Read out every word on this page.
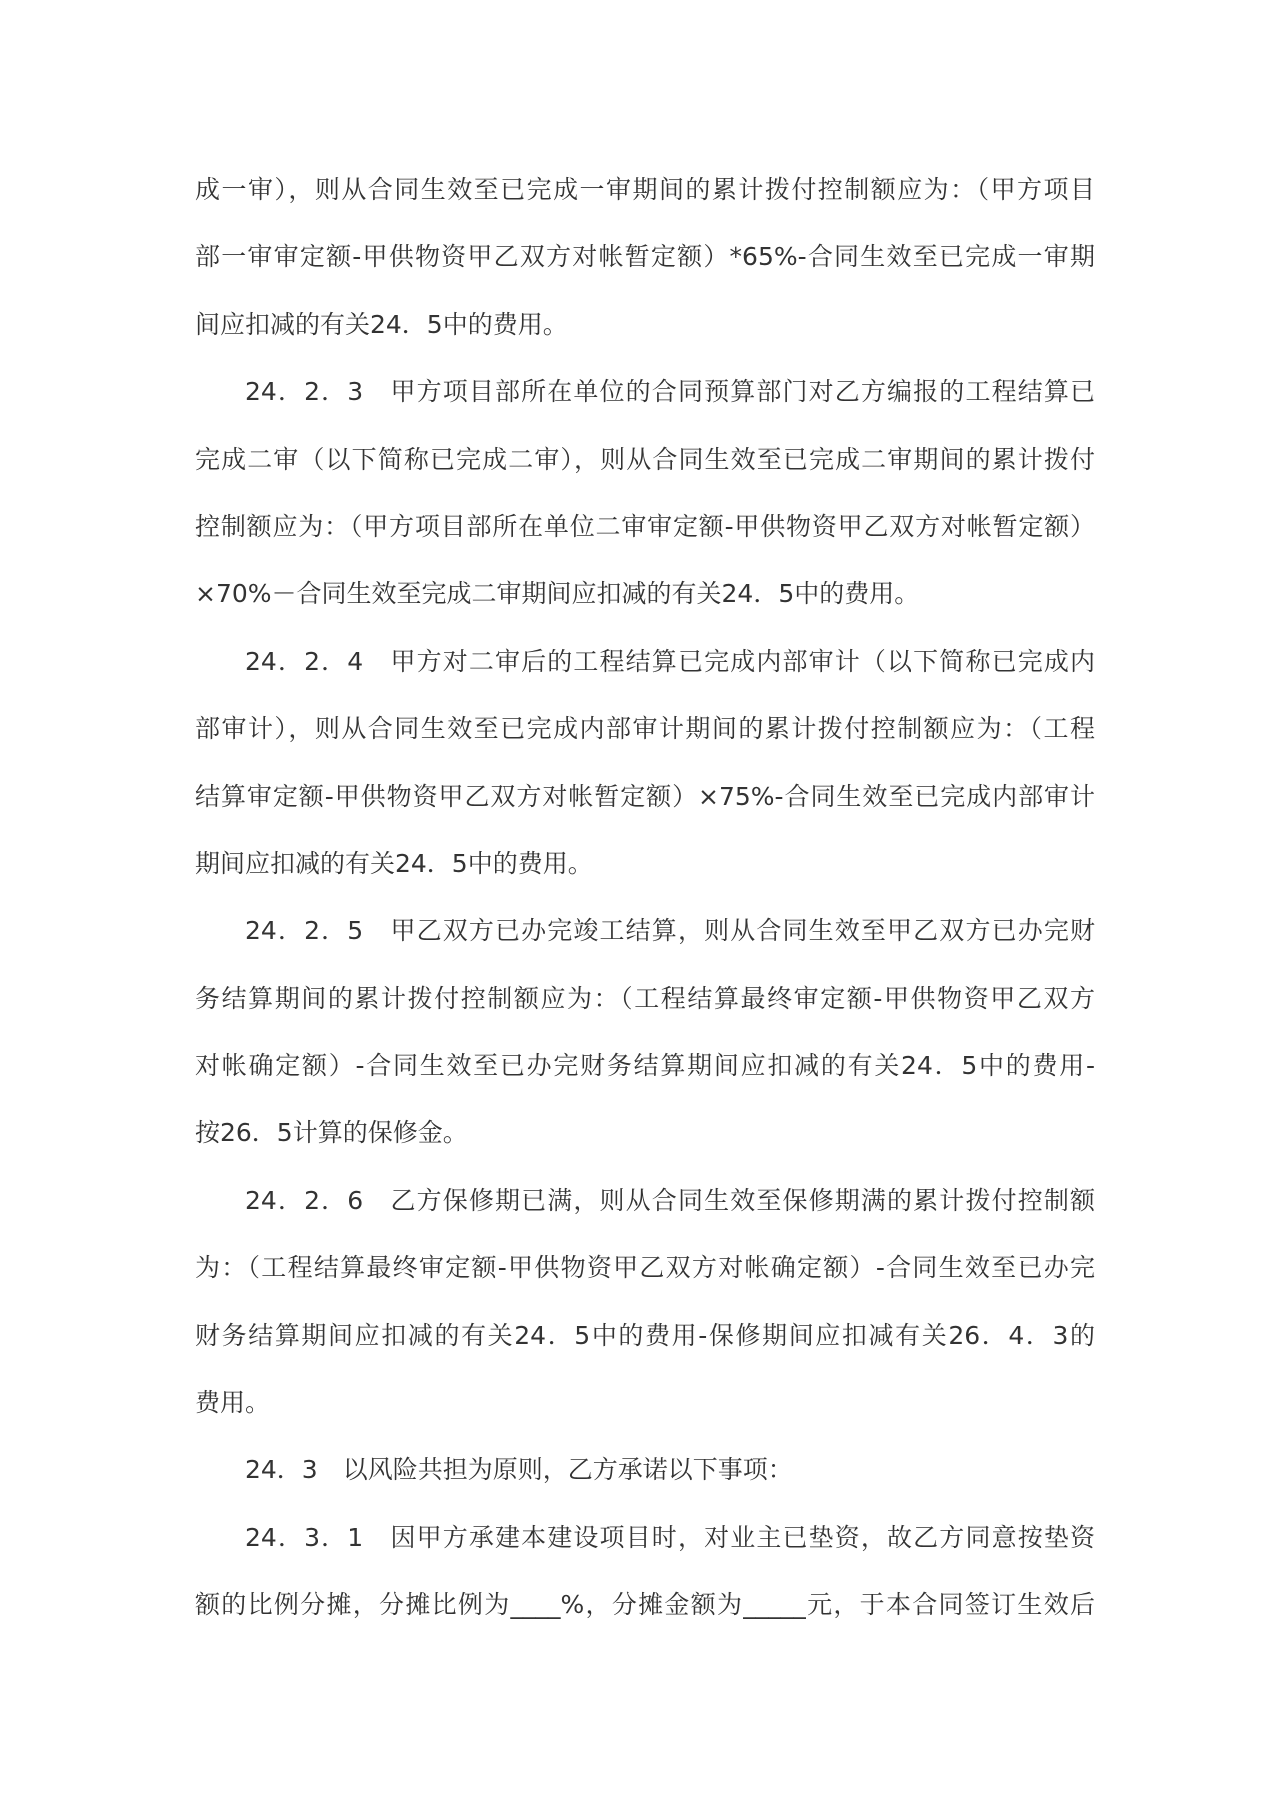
成一审），则从合同生效至已完成一审期间的累计拨付控制额应为：（甲方项目
部一审审定额-甲供物资甲乙双方对帐暂定额）*65%-合同生效至已完成一审期
间应扣减的有关24．5中的费用。
24．2．3　甲方项目部所在单位的合同预算部门对乙方编报的工程结算已
完成二审（以下简称已完成二审），则从合同生效至已完成二审期间的累计拨付
控制额应为：（甲方项目部所在单位二审审定额-甲供物资甲乙双方对帐暂定额）
×70%－合同生效至完成二审期间应扣减的有关24．5中的费用。
24．2．4　甲方对二审后的工程结算已完成内部审计（以下简称已完成内
部审计），则从合同生效至已完成内部审计期间的累计拨付控制额应为：（工程
结算审定额-甲供物资甲乙双方对帐暂定额）×75%-合同生效至已完成内部审计
期间应扣减的有关24．5中的费用。
24．2．5　甲乙双方已办完竣工结算，则从合同生效至甲乙双方已办完财
务结算期间的累计拨付控制额应为：（工程结算最终审定额-甲供物资甲乙双方
对帐确定额）-合同生效至已办完财务结算期间应扣减的有关24．5中的费用-
按26．5计算的保修金。
24．2．6　乙方保修期已满，则从合同生效至保修期满的累计拨付控制额
为：（工程结算最终审定额-甲供物资甲乙双方对帐确定额）-合同生效至已办完
财务结算期间应扣减的有关24．5中的费用-保修期间应扣减有关26．4．3的
费用。
24．3　以风险共担为原则，乙方承诺以下事项：
24．3．1　因甲方承建本建设项目时，对业主已垫资，故乙方同意按垫资
额的比例分摊，分摊比例为____%，分摊金额为_____元，于本合同签订生效后
